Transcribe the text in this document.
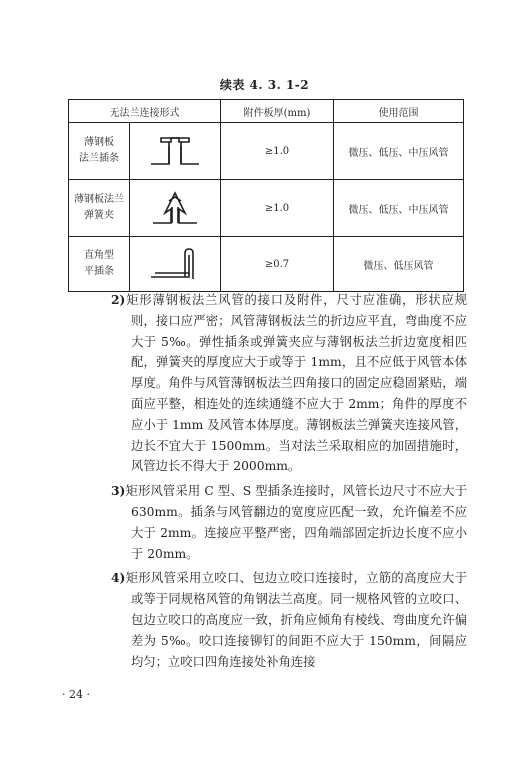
续表 4. 3. 1-2
无法兰连接形式		附件板厚(mm)	使用范围

薄钢板
法兰插条		≥1.0	微压、低压、中压风管

薄钢板法兰
弹簧夹		≥1.0	微压、低压、中压风管

直角型
平插条		≥0.7	微压、低压风管

2)矩形薄钢板法兰风管的接口及附件，尺寸应准确，形状应规则，接口应严密；风管薄钢板法兰的折边应平直，弯曲度不应大于 5‰。弹性插条或弹簧夹应与薄钢板法兰折边宽度相匹配，弹簧夹的厚度应大于或等于 1mm，且不应低于风管本体厚度。角件与风管薄钢板法兰四角接口的固定应稳固紧贴，端面应平整，相连处的连续通缝不应大于 2mm；角件的厚度不应小于 1mm 及风管本体厚度。薄钢板法兰弹簧夹连接风管，边长不宜大于 1500mm。当对法兰采取相应的加固措施时，风管边长不得大于 2000mm。

3)矩形风管采用 C 型、S 型插条连接时，风管长边尺寸不应大于 630mm。插条与风管翻边的宽度应匹配一致，允许偏差不应大于 2mm。连接应平整严密，四角端部固定折边长度不应小于 20mm。

4)矩形风管采用立咬口、包边立咬口连接时，立筋的高度应大于或等于同规格风管的角钢法兰高度。同一规格风管的立咬口、包边立咬口的高度应一致，折角应倾角有棱线、弯曲度允许偏差为 5‰。咬口连接铆钉的间距不应大于 150mm，间隔应均匀；立咬口四角连接处补角连接

· 24 ·
